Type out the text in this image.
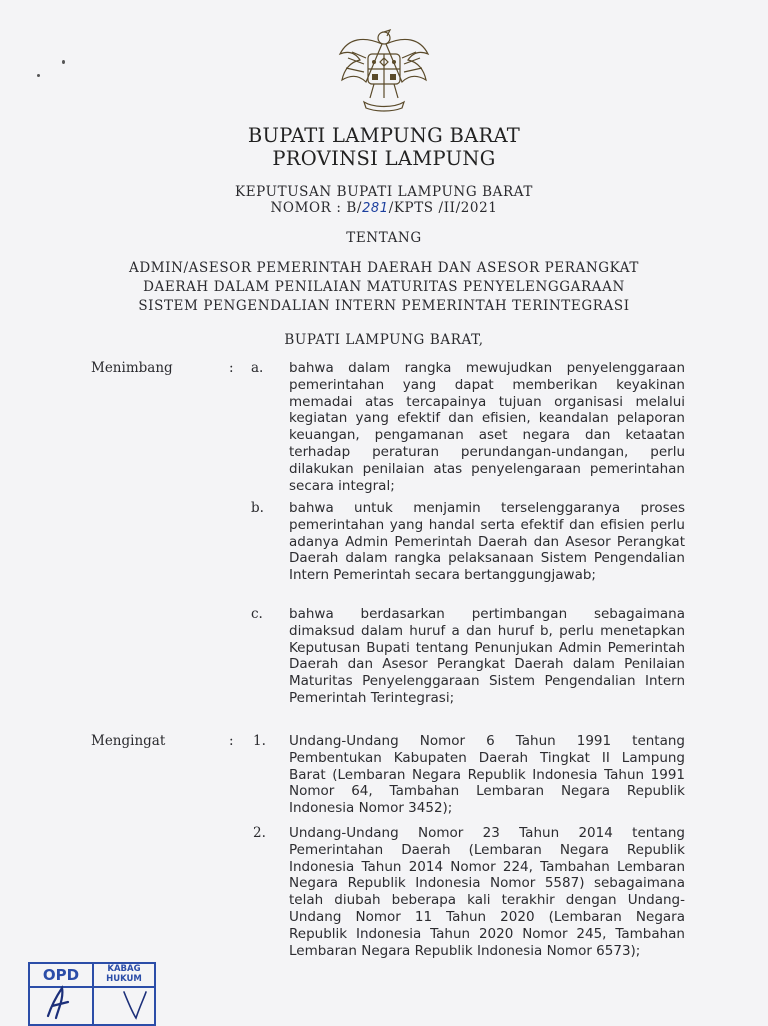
BUPATI LAMPUNG BARAT
PROVINSI LAMPUNG
KEPUTUSAN BUPATI LAMPUNG BARAT
NOMOR : B/281/KPTS /II/2021
TENTANG
ADMIN/ASESOR PEMERINTAH DAERAH DAN ASESOR PERANGKAT
DAERAH DALAM PENILAIAN MATURITAS PENYELENGGARAAN
SISTEM PENGENDALIAN INTERN PEMERINTAH TERINTEGRASI
BUPATI LAMPUNG BARAT,
Menimbang	: a. bahwa dalam rangka mewujudkan penyelenggaraan pemerintahan yang dapat memberikan keyakinan memadai atas tercapainya tujuan organisasi melalui kegiatan yang efektif dan efisien, keandalan pelaporan keuangan, pengamanan aset negara dan ketaatan terhadap peraturan perundangan-undangan, perlu dilakukan penilaian atas penyelengaraan pemerintahan secara integral;
b. bahwa untuk menjamin terselenggaranya proses pemerintahan yang handal serta efektif dan efisien perlu adanya Admin Pemerintah Daerah dan Asesor Perangkat Daerah dalam rangka pelaksanaan Sistem Pengendalian Intern Pemerintah secara bertanggungjawab;
c. bahwa berdasarkan pertimbangan sebagaimana dimaksud dalam huruf a dan huruf b, perlu menetapkan Keputusan Bupati tentang Penunjukan Admin Pemerintah Daerah dan Asesor Perangkat Daerah dalam Penilaian Maturitas Penyelenggaraan Sistem Pengendalian Intern Pemerintah Terintegrasi;
Mengingat	: 1. Undang-Undang Nomor 6 Tahun 1991 tentang Pembentukan Kabupaten Daerah Tingkat II Lampung Barat (Lembaran Negara Republik Indonesia Tahun 1991 Nomor 64, Tambahan Lembaran Negara Republik Indonesia Nomor 3452);
2. Undang-Undang Nomor 23 Tahun 2014 tentang Pemerintahan Daerah (Lembaran Negara Republik Indonesia Tahun 2014 Nomor 224, Tambahan Lembaran Negara Republik Indonesia Nomor 5587) sebagaimana telah diubah beberapa kali terakhir dengan Undang-Undang Nomor 11 Tahun 2020 (Lembaran Negara Republik Indonesia Tahun 2020 Nomor 245, Tambahan Lembaran Negara Republik Indonesia Nomor 6573);
OPD	KABAG
HUKUM
